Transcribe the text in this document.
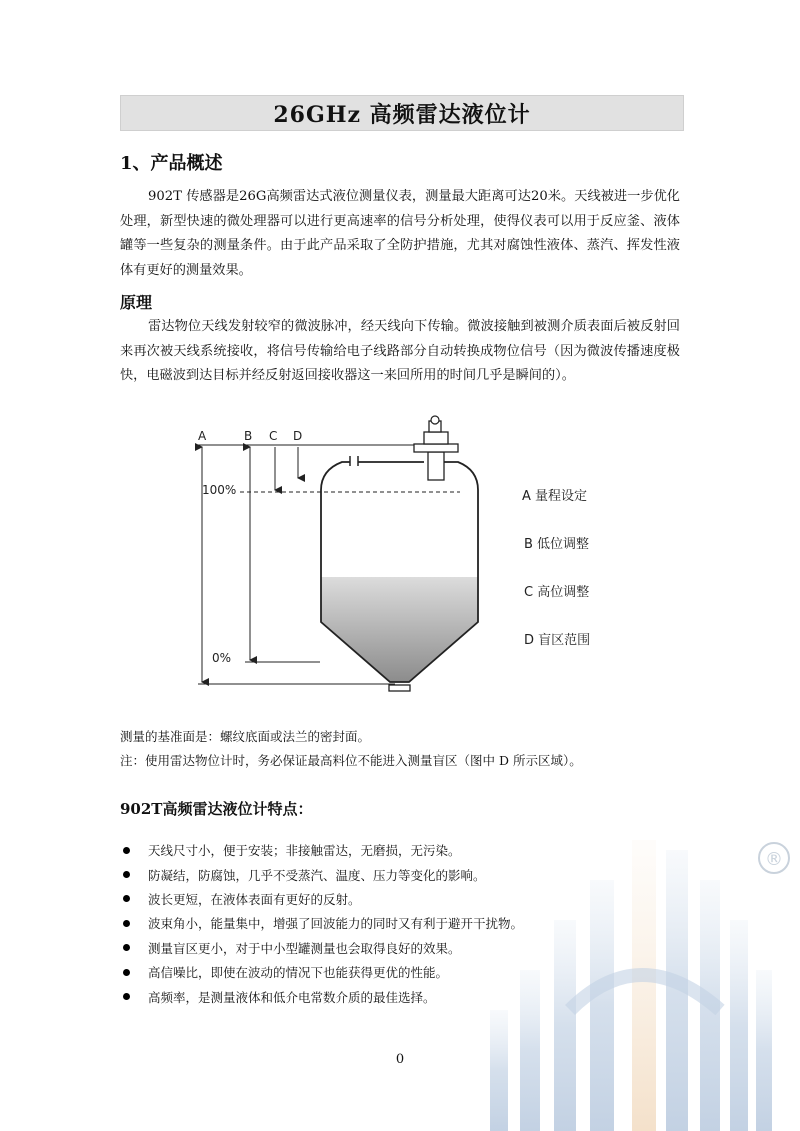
®
26GHz 高频雷达液位计
1、产品概述

902T 传感器是26G高频雷达式液位测量仪表，测量最大距离可达20米。天线被进一步优化处理，新型快速的微处理器可以进行更高速率的信号分析处理，使得仪表可以用于反应釜、液体罐等一些复杂的测量条件。由于此产品采取了全防护措施，尤其对腐蚀性液体、蒸汽、挥发性液体有更好的测量效果。

原理

雷达物位天线发射较窄的微波脉冲，经天线向下传输。微波接触到被测介质表面后被反射回来再次被天线系统接收，将信号传输给电子线路部分自动转换成物位信号（因为微波传播速度极快，电磁波到达目标并经反射返回接收器这一来回所用的时间几乎是瞬间的）。

A	B C D
100%
0%
A 量程设定
B 低位调整
C 高位调整
D 盲区范围
测量的基准面是：螺纹底面或法兰的密封面。
注：使用雷达物位计时，务必保证最高料位不能进入测量盲区（图中 D 所示区域）。
902T高频雷达液位计特点：
天线尺寸小，便于安装；非接触雷达，无磨损，无污染。
防凝结，防腐蚀，几乎不受蒸汽、温度、压力等变化的影响。
波长更短，在液体表面有更好的反射。
波束角小，能量集中，增强了回波能力的同时又有利于避开干扰物。
测量盲区更小，对于中小型罐测量也会取得良好的效果。
高信噪比，即使在波动的情况下也能获得更优的性能。
高频率，是测量液体和低介电常数介质的最佳选择。
0
